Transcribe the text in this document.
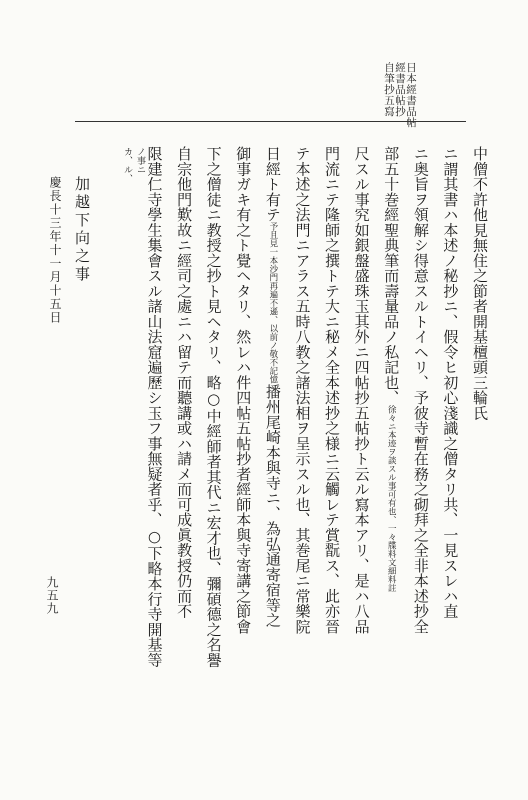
日本經書品帖
經書品帖抄
自筆抄五寫
中僧不許他見無住之節者開基檀頭三輪氏
ニ謂其書ハ本述ノ秘抄ニ、假令ヒ初心淺識之僧タリ共、一見スレハ直
ニ奥旨ヲ領解シ得意スルトイヘリ、予彼寺暫在務之砌拜之全非本述抄全
部五十巻經聖典筆而壽量品ノ私記也、徐々ニ本迹ヲ談スル事可有也、一々牒料文細料註
尺スル事究如銀盤盛珠玉其外ニ四帖抄五帖抄ト云ル寫本アリ、是ハ八品
門流ニテ隆師之撰トテ大ニ秘メ全本述抄之様ニ云觸レテ賞翫ス、此亦晉
テ本述之法門ニアラス五時八教之諸法相ヲ呈示スル也、其巻尾ニ常樂院
日經ト有テ予且見一本沙門再遍不遜、以前ノ敬不記憶播州尾崎本與寺ニ、為弘通寄宿等之
御事ガキ有之ト覺ヘタリ、然レハ件四帖五帖抄者經師本與寺寄講之節會
下之僧徒ニ教授之抄ト見ヘタリ、略○中經師者其代ニ宏才也、彌碩德之名譽
自宗他門歎故ニ經司之處ニハ留テ而聽講或ハ請メ而可成眞教授仍而不
限建仁寺學生集會スル諸山法窟遍歷シ玉フ事無疑者乎、○下略本行寺開基等
ノ事ニ
カ、ル、
加越下向之事
慶長十三年十一月十五日
九五九
